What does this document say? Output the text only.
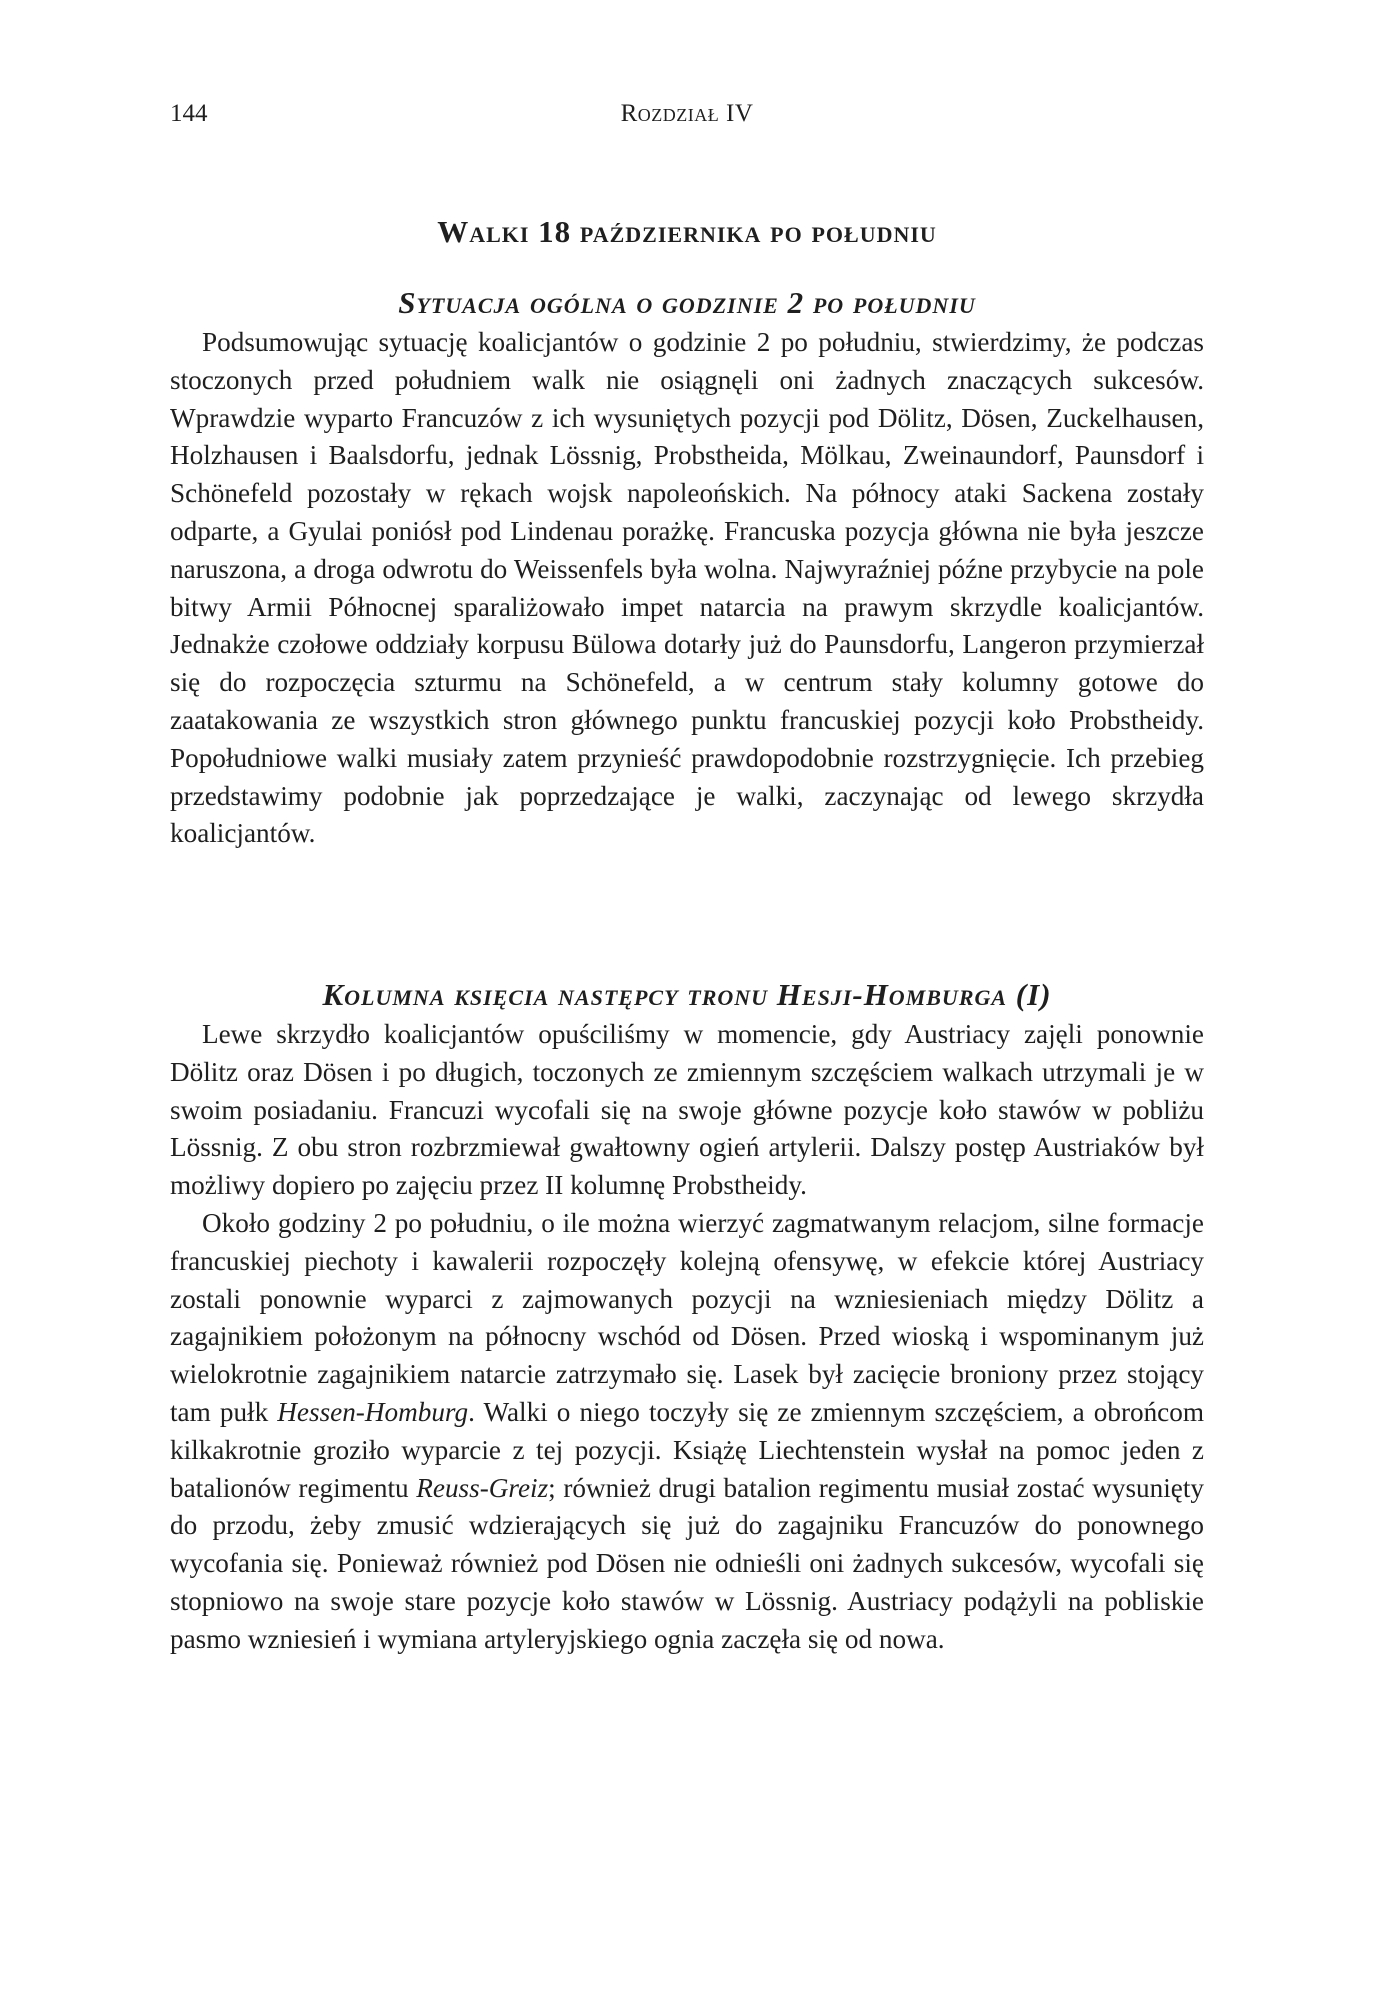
144	Rozdział IV
Walki 18 października po południu
Sytuacja ogólna o godzinie 2 po południu

Podsumowując sytuację koalicjantów o godzinie 2 po południu, stwierdzimy, że podczas stoczonych przed południem walk nie osiągnęli oni żadnych znaczących sukcesów. Wprawdzie wyparto Francuzów z ich wysuniętych pozycji pod Dölitz, Dösen, Zuckelhausen, Holzhausen i Baalsdorfu, jednak Lössnig, Probstheida, Mölkau, Zweinaundorf, Paunsdorf i Schönefeld pozostały w rękach wojsk napoleońskich. Na północy ataki Sackena zostały odparte, a Gyulai poniósł pod Lindenau porażkę. Francuska pozycja główna nie była jeszcze naruszona, a droga odwrotu do Weissenfels była wolna. Najwyraźniej późne przybycie na pole bitwy Armii Północnej sparaliżowało impet natarcia na prawym skrzydle koalicjantów. Jednakże czołowe oddziały korpusu Bülowa dotarły już do Paunsdorfu, Langeron przymierzał się do rozpoczęcia szturmu na Schönefeld, a w centrum stały kolumny gotowe do zaatakowania ze wszystkich stron głównego punktu francuskiej pozycji koło Probstheidy. Popołudniowe walki musiały zatem przynieść prawdopodobnie rozstrzygnięcie. Ich przebieg przedstawimy podobnie jak poprzedzające je walki, zaczynając od lewego skrzydła koalicjantów.

Kolumna księcia następcy tronu Hesji-Homburga (I)

Lewe skrzydło koalicjantów opuściliśmy w momencie, gdy Austriacy zajęli ponownie Dölitz oraz Dösen i po długich, toczonych ze zmiennym szczęściem walkach utrzymali je w swoim posiadaniu. Francuzi wycofali się na swoje główne pozycje koło stawów w pobliżu Lössnig. Z obu stron rozbrzmiewał gwałtowny ogień artylerii. Dalszy postęp Austriaków był możliwy dopiero po zajęciu przez II kolumnę Probstheidy.

Około godziny 2 po południu, o ile można wierzyć zagmatwanym relacjom, silne formacje francuskiej piechoty i kawalerii rozpoczęły kolejną ofensywę, w efekcie której Austriacy zostali ponownie wyparci z zajmowanych pozycji na wzniesieniach między Dölitz a zagajnikiem położonym na północny wschód od Dösen. Przed wioską i wspominanym już wielokrotnie zagajnikiem natarcie zatrzymało się. Lasek był zacięcie broniony przez stojący tam pułk Hessen-Homburg. Walki o niego toczyły się ze zmiennym szczęściem, a obrońcom kilkakrotnie groziło wyparcie z tej pozycji. Książę Liechtenstein wysłał na pomoc jeden z batalionów regimentu Reuss-Greiz; również drugi batalion regimentu musiał zostać wysunięty do przodu, żeby zmusić wdzierających się już do zagajniku Francuzów do ponownego wycofania się. Ponieważ również pod Dösen nie odnieśli oni żadnych sukcesów, wycofali się stopniowo na swoje stare pozycje koło stawów w Lössnig. Austriacy podążyli na pobliskie pasmo wzniesień i wymiana artyleryjskiego ognia zaczęła się od nowa.
